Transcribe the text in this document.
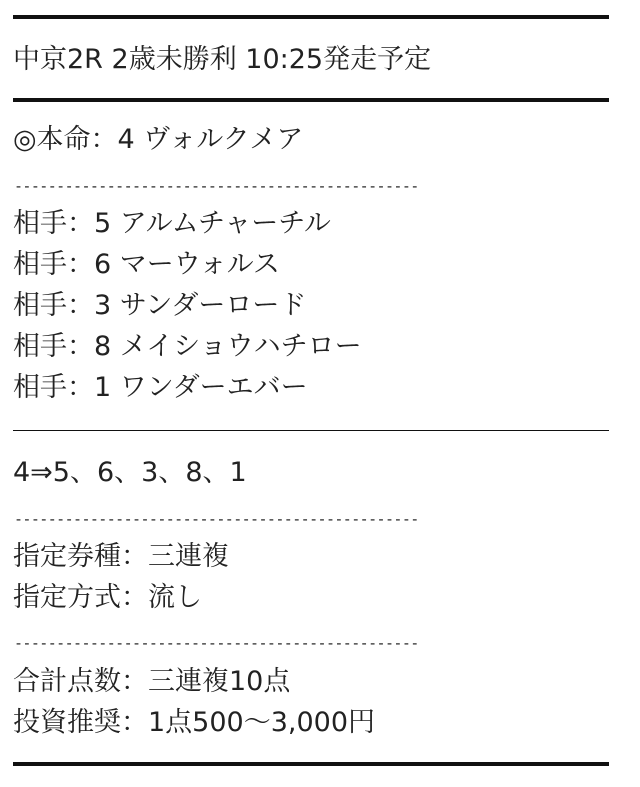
中京2R 2歳未勝利 10:25発走予定
◎本命：4 ヴォルクメア
------------------------------------------------
相手：5 アルムチャーチル
相手：6 マーウォルス
相手：3 サンダーロード
相手：8 メイショウハチロー
相手：1 ワンダーエバー
4⇒5、6、3、8、1
------------------------------------------------
指定券種：三連複
指定方式：流し
------------------------------------------------
合計点数：三連複10点
投資推奨：1点500〜3,000円
